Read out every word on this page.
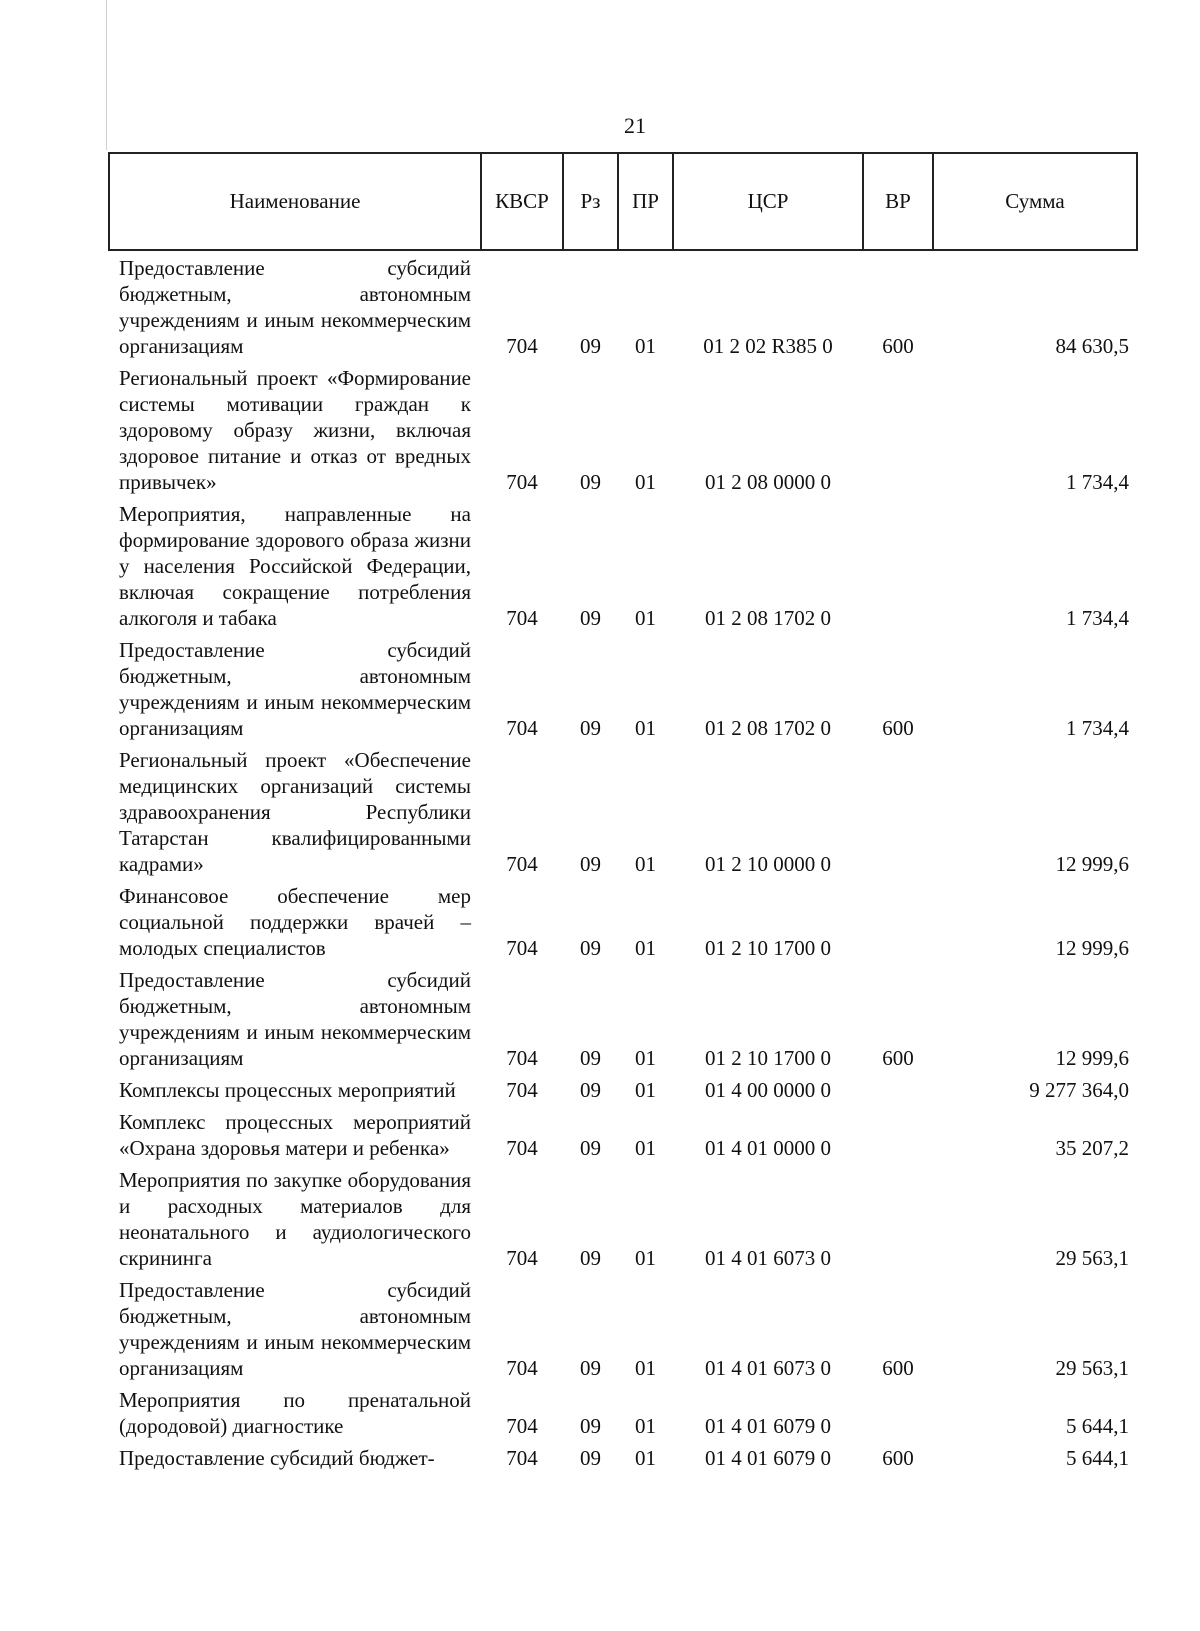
21
Наименование	КВСР	Рз	ПР	ЦСР	ВР	Сумма
Предоставление субсидий бюджетным, автономным учреждениям и иным некоммерческим организациям	704	09	01	01 2 02 R385 0	600	84 630,5
Региональный проект «Формирование системы мотивации граждан к здоровому образу жизни, включая здоровое питание и отказ от вредных привычек»	704	09	01	01 2 08 0000 0		1 734,4
Мероприятия, направленные на формирование здорового образа жизни у населения Российской Федерации, включая сокращение потребления алкоголя и табака	704	09	01	01 2 08 1702 0		1 734,4
Предоставление субсидий бюджетным, автономным учреждениям и иным некоммерческим организациям	704	09	01	01 2 08 1702 0	600	1 734,4
Региональный проект «Обеспечение медицинских организаций системы здравоохранения Республики Татарстан квалифицированными кадрами»	704	09	01	01 2 10 0000 0		12 999,6
Финансовое обеспечение мер социальной поддержки врачей – молодых специалистов	704	09	01	01 2 10 1700 0		12 999,6
Предоставление субсидий бюджетным, автономным учреждениям и иным некоммерческим организациям	704	09	01	01 2 10 1700 0	600	12 999,6
Комплексы процессных мероприятий	704	09	01	01 4 00 0000 0		9 277 364,0
Комплекс процессных мероприятий «Охрана здоровья матери и ребенка»	704	09	01	01 4 01 0000 0		35 207,2
Мероприятия по закупке оборудования и расходных материалов для неонатального и аудиологического скрининга	704	09	01	01 4 01 6073 0		29 563,1
Предоставление субсидий бюджетным, автономным учреждениям и иным некоммерческим организациям	704	09	01	01 4 01 6073 0	600	29 563,1
Мероприятия по пренатальной (дородовой) диагностике	704	09	01	01 4 01 6079 0		5 644,1
Предоставление субсидий бюджет-	704	09	01	01 4 01 6079 0	600	5 644,1
